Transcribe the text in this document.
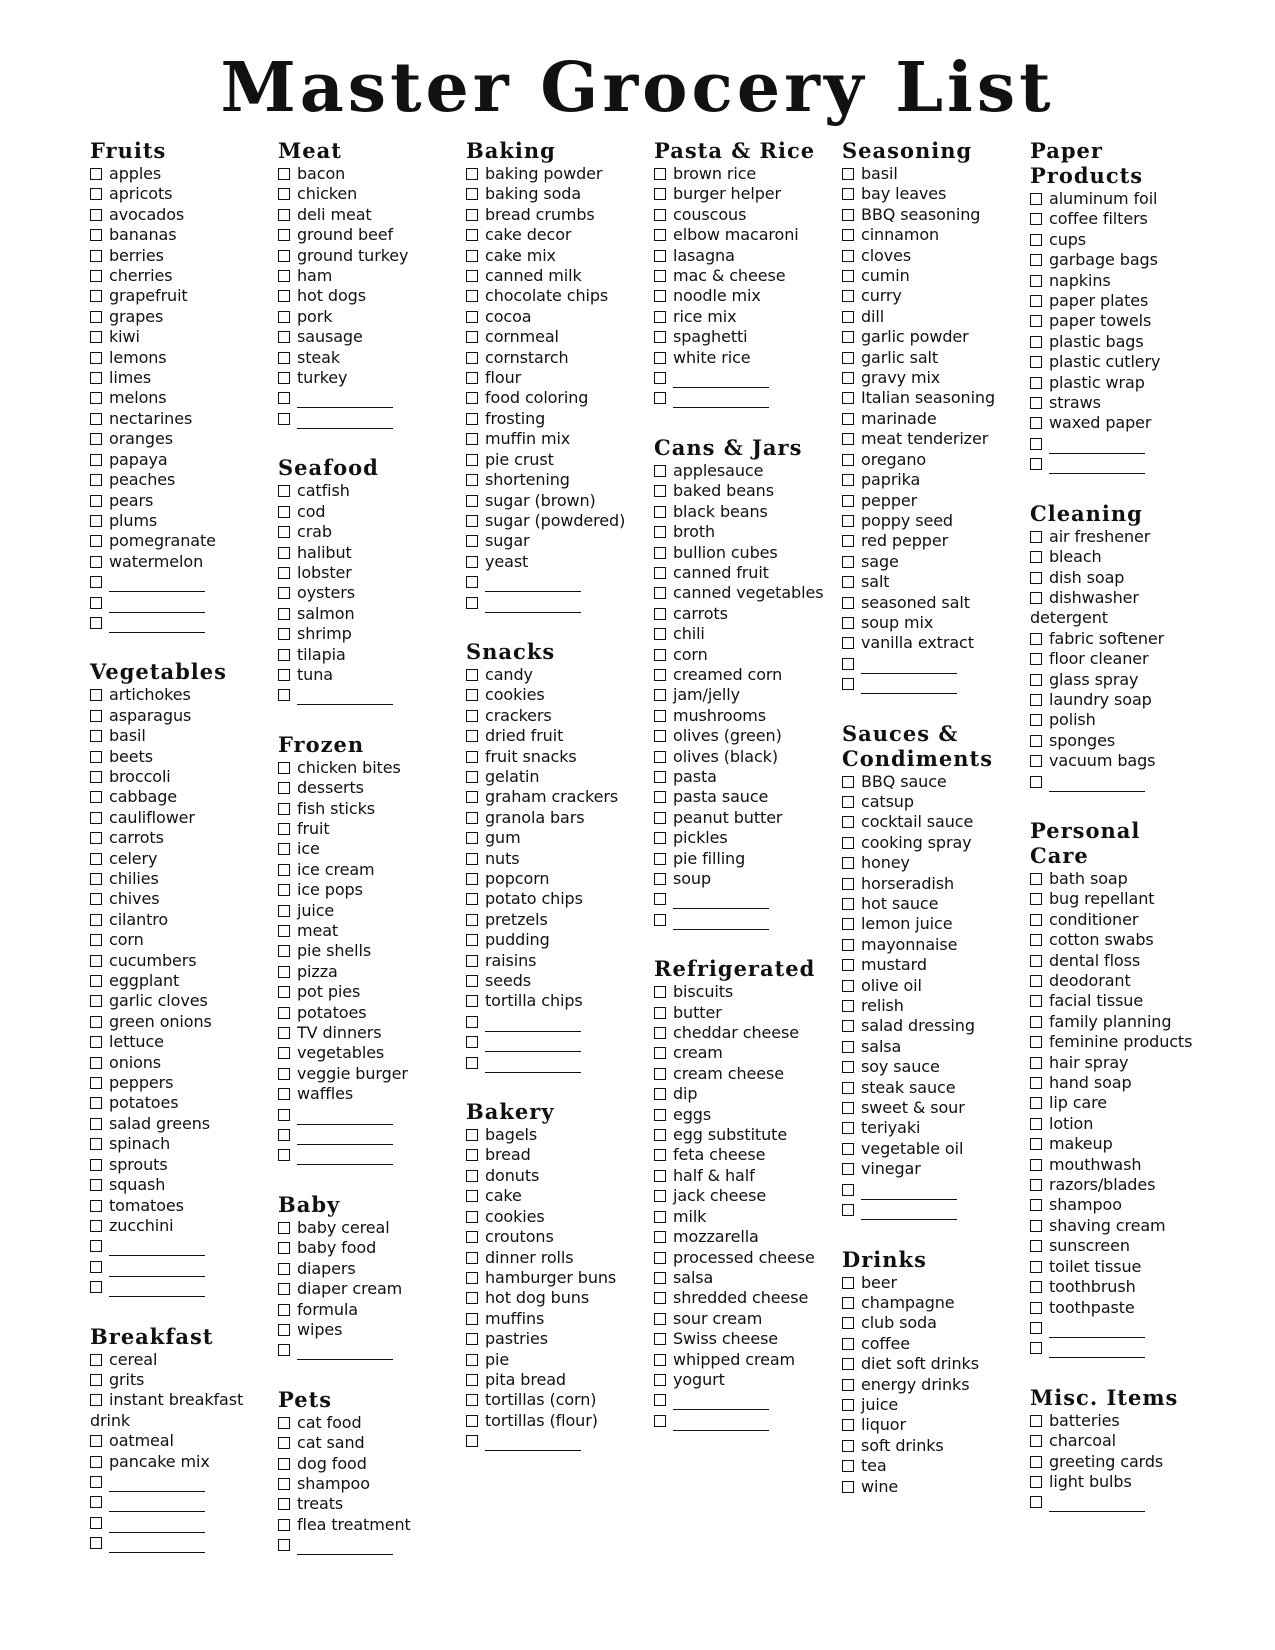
Master Grocery List
Fruits
apples
apricots
avocados
bananas
berries
cherries
grapefruit
grapes
kiwi
lemons
limes
melons
nectarines
oranges
papaya
peaches
pears
plums
pomegranate
watermelon
Vegetables
artichokes
asparagus
basil
beets
broccoli
cabbage
cauliflower
carrots
celery
chilies
chives
cilantro
corn
cucumbers
eggplant
garlic cloves
green onions
lettuce
onions
peppers
potatoes
salad greens
spinach
sprouts
squash
tomatoes
zucchini
Breakfast
cereal
grits
instant breakfast drink
oatmeal
pancake mix
Meat
bacon
chicken
deli meat
ground beef
ground turkey
ham
hot dogs
pork
sausage
steak
turkey
Seafood
catfish
cod
crab
halibut
lobster
oysters
salmon
shrimp
tilapia
tuna
Frozen
chicken bites
desserts
fish sticks
fruit
ice
ice cream
ice pops
juice
meat
pie shells
pizza
pot pies
potatoes
TV dinners
vegetables
veggie burger
waffles
Baby
baby cereal
baby food
diapers
diaper cream
formula
wipes
Pets
cat food
cat sand
dog food
shampoo
treats
flea treatment
Baking
baking powder
baking soda
bread crumbs
cake decor
cake mix
canned milk
chocolate chips
cocoa
cornmeal
cornstarch
flour
food coloring
frosting
muffin mix
pie crust
shortening
sugar (brown)
sugar (powdered)
sugar
yeast
Snacks
candy
cookies
crackers
dried fruit
fruit snacks
gelatin
graham crackers
granola bars
gum
nuts
popcorn
potato chips
pretzels
pudding
raisins
seeds
tortilla chips
Bakery
bagels
bread
donuts
cake
cookies
croutons
dinner rolls
hamburger buns
hot dog buns
muffins
pastries
pie
pita bread
tortillas (corn)
tortillas (flour)
Pasta & Rice
brown rice
burger helper
couscous
elbow macaroni
lasagna
mac & cheese
noodle mix
rice mix
spaghetti
white rice
Cans & Jars
applesauce
baked beans
black beans
broth
bullion cubes
canned fruit
canned vegetables
carrots
chili
corn
creamed corn
jam/jelly
mushrooms
olives (green)
olives (black)
pasta
pasta sauce
peanut butter
pickles
pie filling
soup
Refrigerated
biscuits
butter
cheddar cheese
cream
cream cheese
dip
eggs
egg substitute
feta cheese
half & half
jack cheese
milk
mozzarella
processed cheese
salsa
shredded cheese
sour cream
Swiss cheese
whipped cream
yogurt
Seasoning
basil
bay leaves
BBQ seasoning
cinnamon
cloves
cumin
curry
dill
garlic powder
garlic salt
gravy mix
Italian seasoning
marinade
meat tenderizer
oregano
paprika
pepper
poppy seed
red pepper
sage
salt
seasoned salt
soup mix
vanilla extract
Sauces & Condiments
BBQ sauce
catsup
cocktail sauce
cooking spray
honey
horseradish
hot sauce
lemon juice
mayonnaise
mustard
olive oil
relish
salad dressing
salsa
soy sauce
steak sauce
sweet & sour
teriyaki
vegetable oil
vinegar
Drinks
beer
champagne
club soda
coffee
diet soft drinks
energy drinks
juice
liquor
soft drinks
tea
wine
Paper Products
aluminum foil
coffee filters
cups
garbage bags
napkins
paper plates
paper towels
plastic bags
plastic cutlery
plastic wrap
straws
waxed paper
Cleaning
air freshener
bleach
dish soap
dishwasher detergent
fabric softener
floor cleaner
glass spray
laundry soap
polish
sponges
vacuum bags
Personal Care
bath soap
bug repellant
conditioner
cotton swabs
dental floss
deodorant
facial tissue
family planning
feminine products
hair spray
hand soap
lip care
lotion
makeup
mouthwash
razors/blades
shampoo
shaving cream
sunscreen
toilet tissue
toothbrush
toothpaste
Misc. Items
batteries
charcoal
greeting cards
light bulbs
